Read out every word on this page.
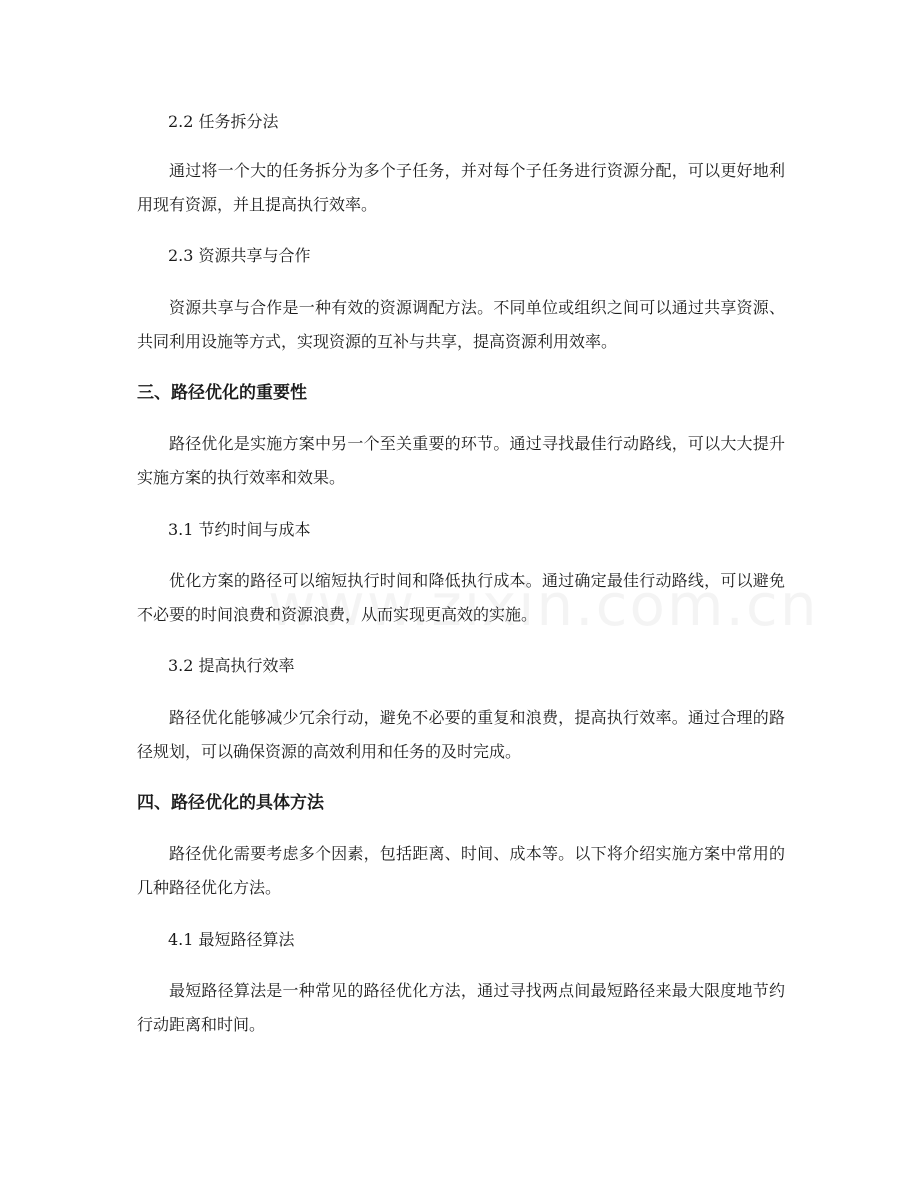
2.2 任务拆分法

通过将一个大的任务拆分为多个子任务，并对每个子任务进行资源分配，可以更好地利用现有资源，并且提高执行效率。

2.3 资源共享与合作

资源共享与合作是一种有效的资源调配方法。不同单位或组织之间可以通过共享资源、共同利用设施等方式，实现资源的互补与共享，提高资源利用效率。

三、路径优化的重要性

路径优化是实施方案中另一个至关重要的环节。通过寻找最佳行动路线，可以大大提升实施方案的执行效率和效果。

3.1 节约时间与成本

优化方案的路径可以缩短执行时间和降低执行成本。通过确定最佳行动路线，可以避免不必要的时间浪费和资源浪费，从而实现更高效的实施。

3.2 提高执行效率

路径优化能够减少冗余行动，避免不必要的重复和浪费，提高执行效率。通过合理的路径规划，可以确保资源的高效利用和任务的及时完成。

四、路径优化的具体方法

路径优化需要考虑多个因素，包括距离、时间、成本等。以下将介绍实施方案中常用的几种路径优化方法。

4.1 最短路径算法

最短路径算法是一种常见的路径优化方法，通过寻找两点间最短路径来最大限度地节约行动距离和时间。
